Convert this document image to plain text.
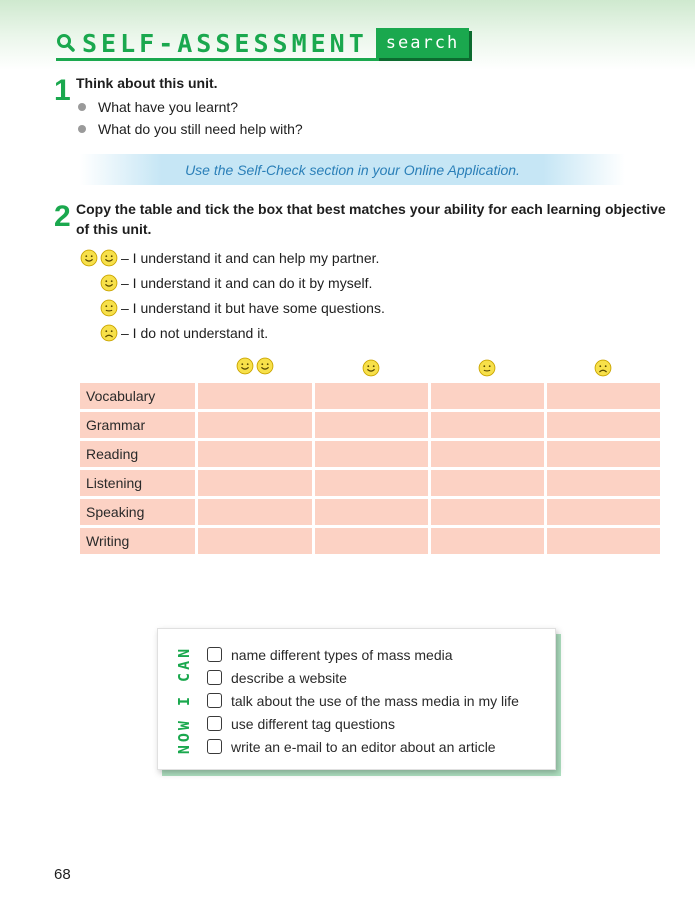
SELF-ASSESSMENT	search
1 Think about this unit.
What have you learnt?
What do you still need help with?
Use the Self-Check section in your Online Application.
2 Copy the table and tick the box that best matches your ability for each learning objective
of this unit.
– I understand it and can help my partner.
– I understand it and can do it by myself.
– I understand it but have some questions.
– I do not understand it.

Vocabulary				
Grammar				
Reading				
Listening				
Speaking				
Writing				
NOW I CAN	name different types of mass media
describe a website
talk about the use of the mass media in my life
use different tag questions
write an e-mail to an editor about an article
68
